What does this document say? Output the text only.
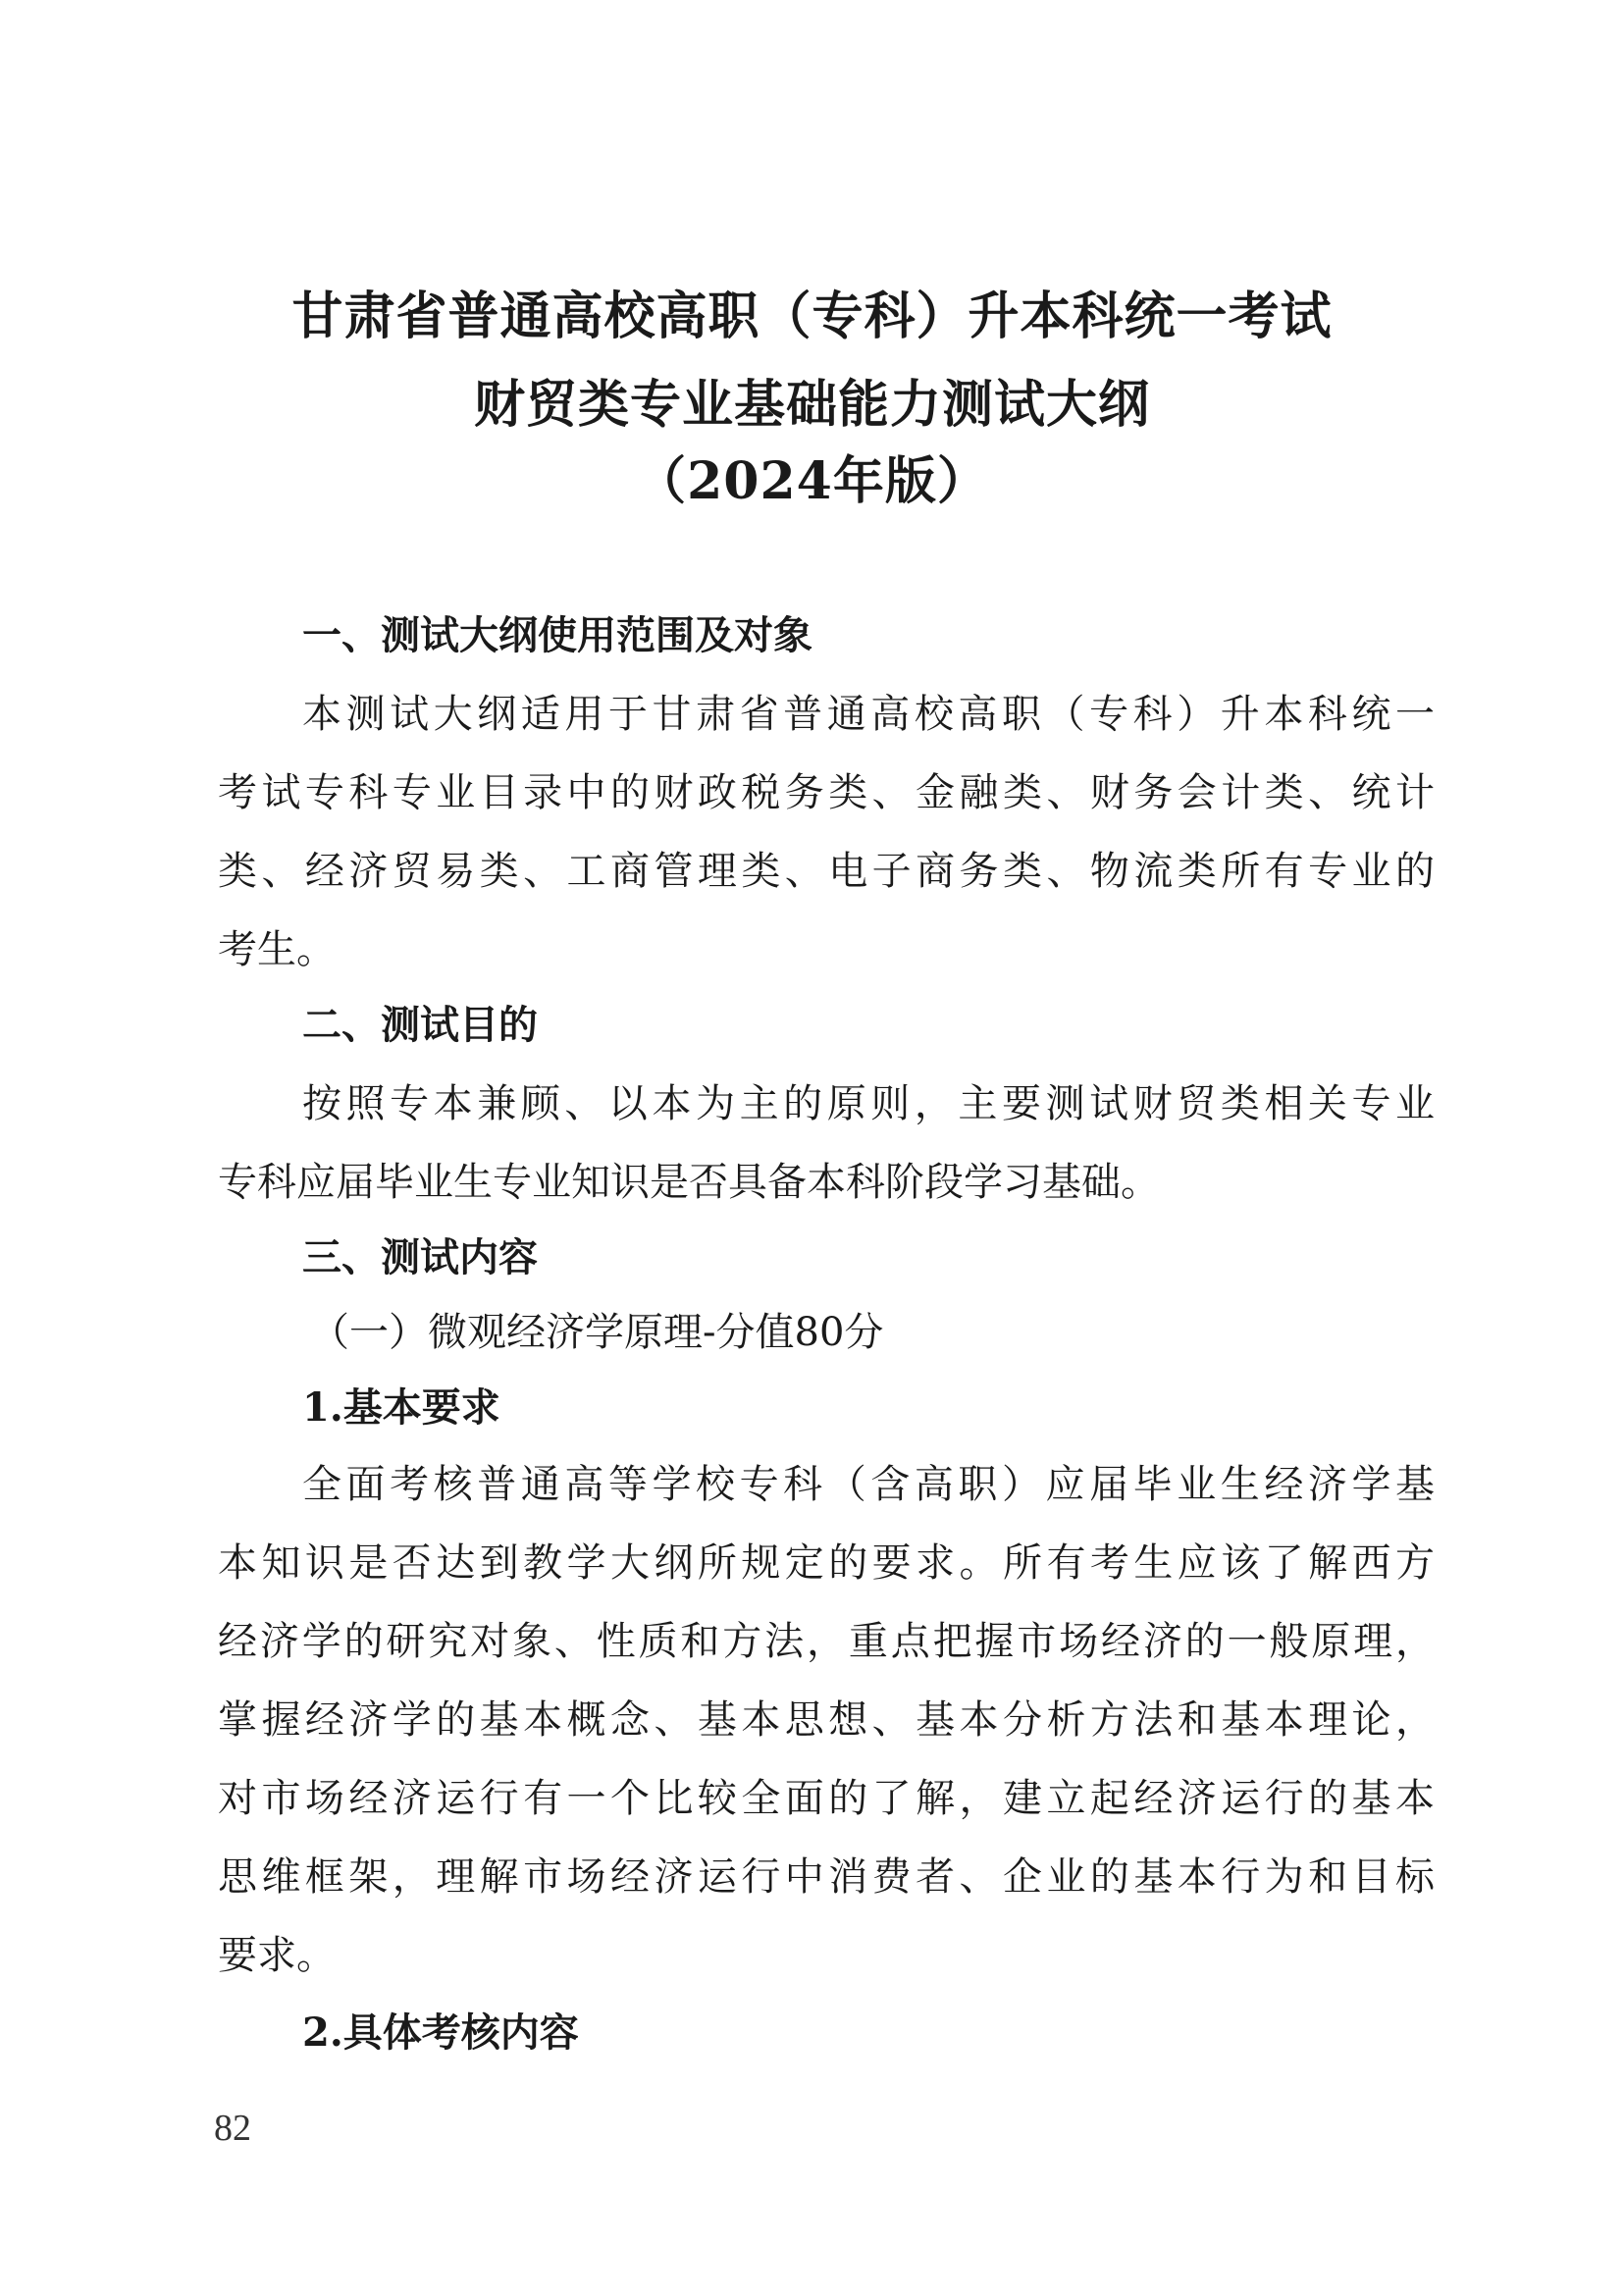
甘肃省普通高校高职（专科）升本科统一考试
财贸类专业基础能力测试大纲
（2024年版）
一、测试大纲使用范围及对象
本测试大纲适用于甘肃省普通高校高职（专科）升本科统一
考试专科专业目录中的财政税务类、金融类、财务会计类、统计
类、经济贸易类、工商管理类、电子商务类、物流类所有专业的
考生。
二、测试目的
按照专本兼顾、以本为主的原则，主要测试财贸类相关专业
专科应届毕业生专业知识是否具备本科阶段学习基础。
三、测试内容
（一）微观经济学原理-分值80分
1.基本要求
全面考核普通高等学校专科（含高职）应届毕业生经济学基
本知识是否达到教学大纲所规定的要求。所有考生应该了解西方
经济学的研究对象、性质和方法，重点把握市场经济的一般原理，
掌握经济学的基本概念、基本思想、基本分析方法和基本理论，
对市场经济运行有一个比较全面的了解，建立起经济运行的基本
思维框架，理解市场经济运行中消费者、企业的基本行为和目标
要求。
2.具体考核内容
82
